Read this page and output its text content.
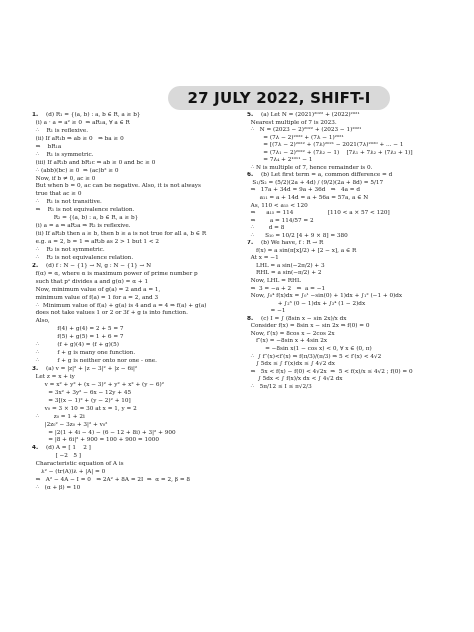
27 JULY 2022, SHIFT-I
1. (d) R₁ = {(a, b) : a, b ∈ R, a ≥ b}
(i) a · a = a² ≥ 0  ⇒ aR₁a, ∀ a ∈ R
∴    R₁ is reflexive.
(ii) If aR₁b ⇒ ab ≥ 0   ⇒ ba ≥ 0
⇒    bR₁a
∴    R₁ is symmetric.
(iii) If aR₁b and bR₁c ⇒ ab ≥ 0 and bc ≥ 0
∴ (abb)(bc) ≥ 0  ⇒ (ac)b² ≥ 0
Now, if b ≠ 0, ac ≥ 0
But when b = 0, ac can be negative. Also, it is not always
true that ac ≥ 0
∴    R₁ is not transitive.
⇒    R₁ is not equivalence relation.
R₂ = {(a, b) : a, b ∈ R, a ≥ b}
(i) a = a ⇒ aR₂a ⇒ R₂ is reflexive.
(ii) If aR₂b then a ≥ b, then b ≥ a is not true for all a, b ∈ R
e.g. a = 2, b = 1 ⇒ aR₂b as 2 > 1 but 1 < 2
∴    R₂ is not symmetric.
∴    R₂ is not equivalence relation.
2. (d) f : N − {1} → N, g : N − {1} → N
f(α) = α, where α is maximum power of prime number p
such that pᵅ divides a and g(α) = α + 1
Now, minimum value of g(a) = 2 and a = 1,
minimum value of f(a) = 1 for a = 2, and 3
∴  Minimum value of f(a) + g(a) is 4 and a = 4 ⇒ f(a) + g(a)
does not take values 1 or 2 or 3f + g is into function.
Also,
f(4) + g(4) = 2 + 5 = 7
f(5) + g(5) = 1 + 6 = 7
∴          (f + g)(4) = (f + g)(5)
∴          f + g is many one function.
∴          f + g is neither onto nor one - one.
3. (a) v = |z|² + |z − 3|² + |z − 6i|²
Let z = x + iy
v = x² + y² + (x − 3)² + y² + x² + (y − 6)²
= 3x² + 3y² − 6x − 12y + 45
= 3[(x − 1)² + (y − 2)² + 10]
v₀ = 3 × 10 = 30 at x = 1, y = 2
∴        z₀ = 1 + 2i
|2z₀² − 3z₀ + 3|² + v₀²
= |2(1 + 4i − 4) − (6 − 12 + 8i) + 3|² + 900
= |8 + 6i|² + 900 = 100 + 900 = 1000
4. (d) A = [ 1    2 ]
[ −2   5 ]
Characteristic equation of A is
λ² − (tr(A))λ + |A| = 0
⇒   A² − 4A − I = 0   ⇒ 2A² + 8A = 2I  ⇒  α = 2, β = 8
∴   (α + β) = 10
5. (a) Let N = (2021)²⁰²² + (2022)²⁰²¹
Nearest multiple of 7 is 2023.
∴   N = (2023 − 2)²⁰²² + (2023 − 1)²⁰²¹
= (7λ − 2)²⁰²² + (7λ − 1)²⁰²¹
= [(7λ − 2)²⁰²² + (7λ)²⁰²¹ − 2021(7λ)²⁰²⁰ + ... − 1
= (7λ₁ − 2)²⁰²² + (7λ₂ − 1)    [7λ₁ + 7λ₂ + (7λ₃ + 1)]
= 7λ₄ + 2¹⁰¹¹ − 1
∴ N is multiple of 7, hence remainder is 0.
6. (b) Let first term = a, common difference = d
S₁/S₂ = (5/2)(2a + 4d) / (9/2)(2a + 8d) = 5/17
⇒   17a + 34d = 9a + 36d   ⇒   4a = d
a₁₁ = a + 14d = a + 56a = 57a, a ∈ N
As, 110 < a₁₅ < 120
⇒      a₁₅ = 114                   [110 < a × 57 < 120]
⇒        a = 114/57 = 2
∴        d = 8
∴      S₁₀ = 10/2 [4 + 9 × 8] = 380
7. (b) We have, f : R → R
f(x) = a sin(π[x]/2) + [2 − x], a ∈ R
At x = −1
LHL = a sin(−2π/2) + 3
RHL = a sin(−π/2) + 2
Now, LHL = RHL
⇒  3 = −a + 2   ⇒  a = −1
Now, ∫₀⁴ f(x)dx = ∫₀¹ −sin(0) + 1)dx + ∫₁² (−1 + 0)dx
+ ∫₂³ (0 − 1)dx + ∫₃⁴ (1 − 2)dx
= −1
8. (c) I = ∫ (8sin x − sin 2x)/x dx
Consider f(x) = 8sin x − sin 2x ⇒ f(0) = 0
Now, f′(x) = 8cos x − 2cos 2x
f″(x) = −8sin x + 4sin 2x
= −8sin x(1 − cos x) < 0, ∀ x ∈ (0, π)
∴  ∫ f′′(x)<f′(x) ⇒ f(π/3)/(π/3) ⇒ 5 < f′(x) < 4√2
∫ 5dx ≤ ∫ f′(x)dx ≤ ∫ 4√2 dx
⇒   5x < f(x) − f(0) < 4√2x  ⇒  5 < f(x)/x ≤ 4√2 ; f(0) = 0
∫ 5dx < ∫ f(x)/x dx < ∫ 4√2 dx
∴   5π/12 ≤ I ≤ π√2/3
